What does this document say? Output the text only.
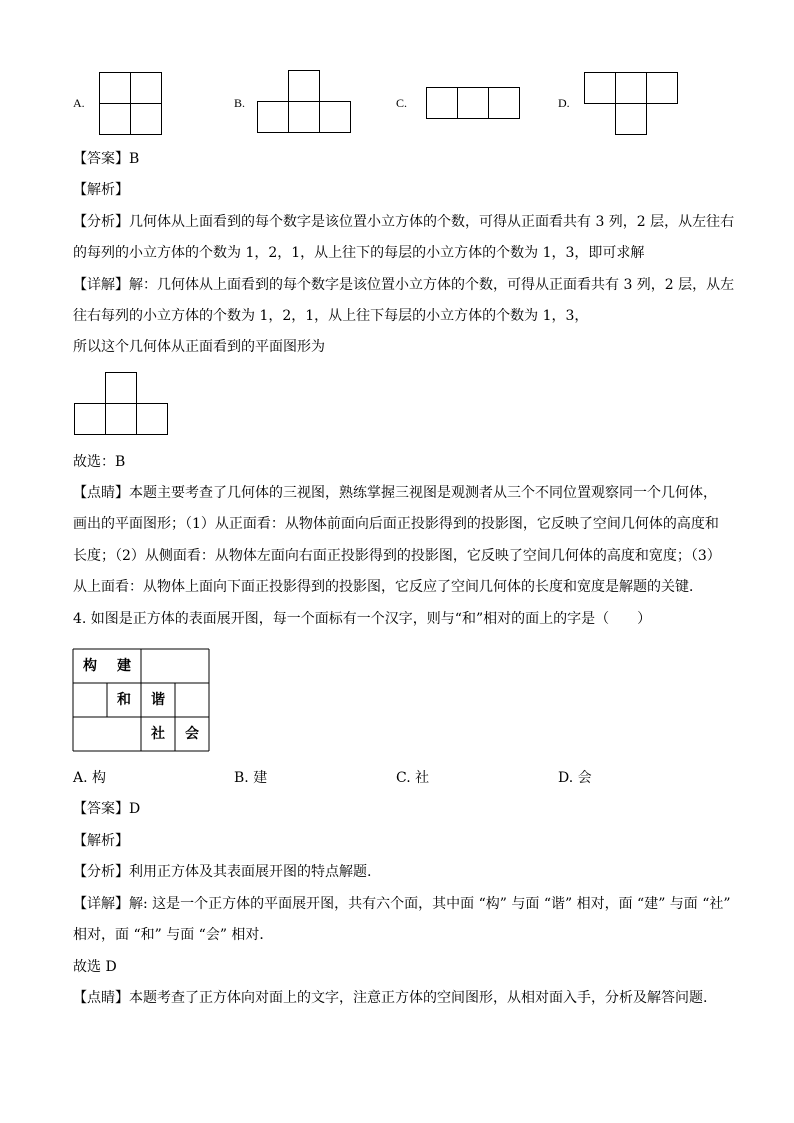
A.	B.	C.	D.
【答案】B
【解析】
【分析】几何体从上面看到的每个数字是该位置小立方体的个数，可得从正面看共有 3 列，2 层，从左往右
的每列的小立方体的个数为 1，2，1，从上往下的每层的小立方体的个数为 1，3，即可求解
【详解】解：几何体从上面看到的每个数字是该位置小立方体的个数，可得从正面看共有 3 列，2 层，从左
往右每列的小立方体的个数为 1，2，1，从上往下每层的小立方体的个数为 1，3，
所以这个几何体从正面看到的平面图形为
故选：B
【点睛】本题主要考查了几何体的三视图，熟练掌握三视图是观测者从三个不同位置观察同一个几何体，
画出的平面图形；（1）从正面看：从物体前面向后面正投影得到的投影图，它反映了空间几何体的高度和
长度；（2）从侧面看：从物体左面向右面正投影得到的投影图，它反映了空间几何体的高度和宽度；（3）
从上面看：从物体上面向下面正投影得到的投影图，它反应了空间几何体的长度和宽度是解题的关键．
4. 如图是正方体的表面展开图，每一个面标有一个汉字，则与“和”相对的面上的字是（　　）
构	建
和	谐
社	会
A. 构	B. 建	C. 社	D. 会
【答案】D
【解析】
【分析】利用正方体及其表面展开图的特点解题.
【详解】解: 这是一个正方体的平面展开图，共有六个面，其中面 “构” 与面 “谐” 相对，面 “建” 与面 “社”
相对，面 “和” 与面 “会” 相对．
故选 D
【点睛】本题考查了正方体向对面上的文字，注意正方体的空间图形，从相对面入手，分析及解答问题.
